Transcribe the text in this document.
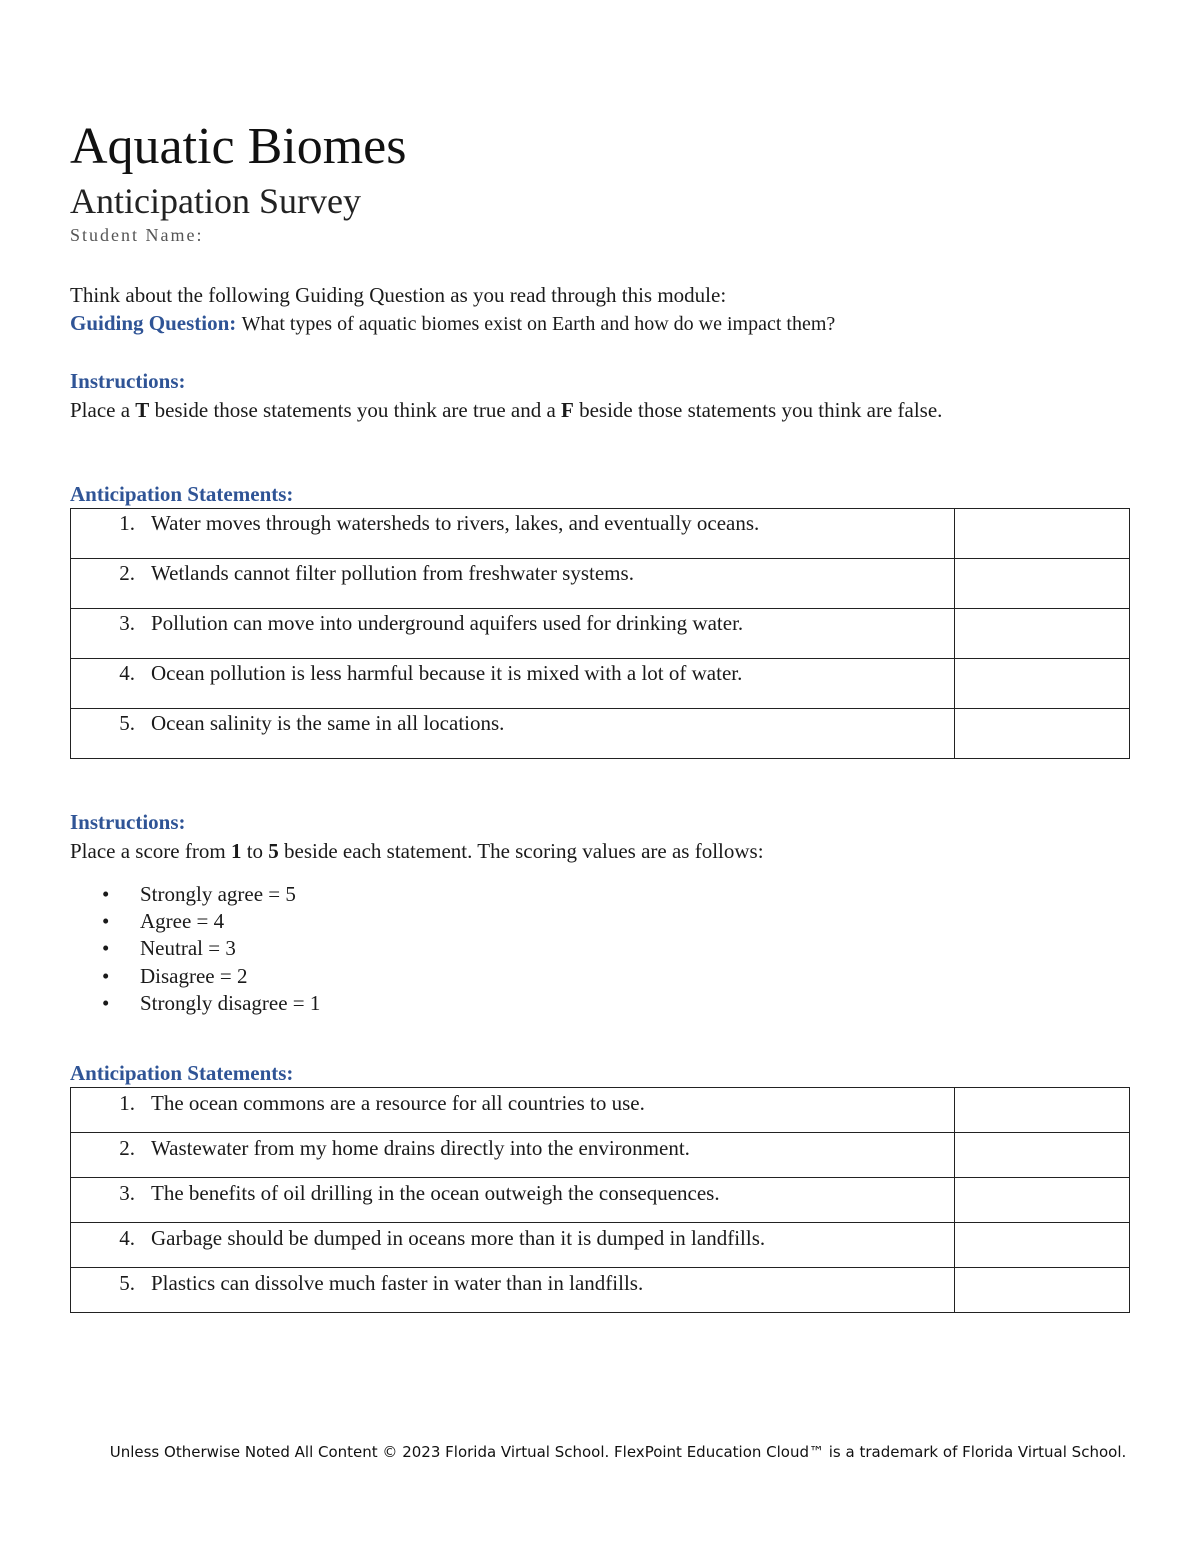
Aquatic Biomes
Anticipation Survey
Student Name:
Think about the following Guiding Question as you read through this module:
Guiding Question: What types of aquatic biomes exist on Earth and how do we impact them?
Instructions:
Place a T beside those statements you think are true and a F beside those statements you think are false.
Anticipation Statements:
1. Water moves through watersheds to rivers, lakes, and eventually oceans.	
2. Wetlands cannot filter pollution from freshwater systems.	
3. Pollution can move into underground aquifers used for drinking water.	
4. Ocean pollution is less harmful because it is mixed with a lot of water.	
5. Ocean salinity is the same in all locations.	
Instructions:
Place a score from 1 to 5 beside each statement. The scoring values are as follows:
• Strongly agree = 5
• Agree = 4
• Neutral = 3
• Disagree = 2
• Strongly disagree = 1
Anticipation Statements:
1. The ocean commons are a resource for all countries to use.	
2. Wastewater from my home drains directly into the environment.	
3. The benefits of oil drilling in the ocean outweigh the consequences.	
4. Garbage should be dumped in oceans more than it is dumped in landfills.	
5. Plastics can dissolve much faster in water than in landfills.	
Unless Otherwise Noted All Content © 2023 Florida Virtual School. FlexPoint Education Cloud™ is a trademark of Florida Virtual School.
